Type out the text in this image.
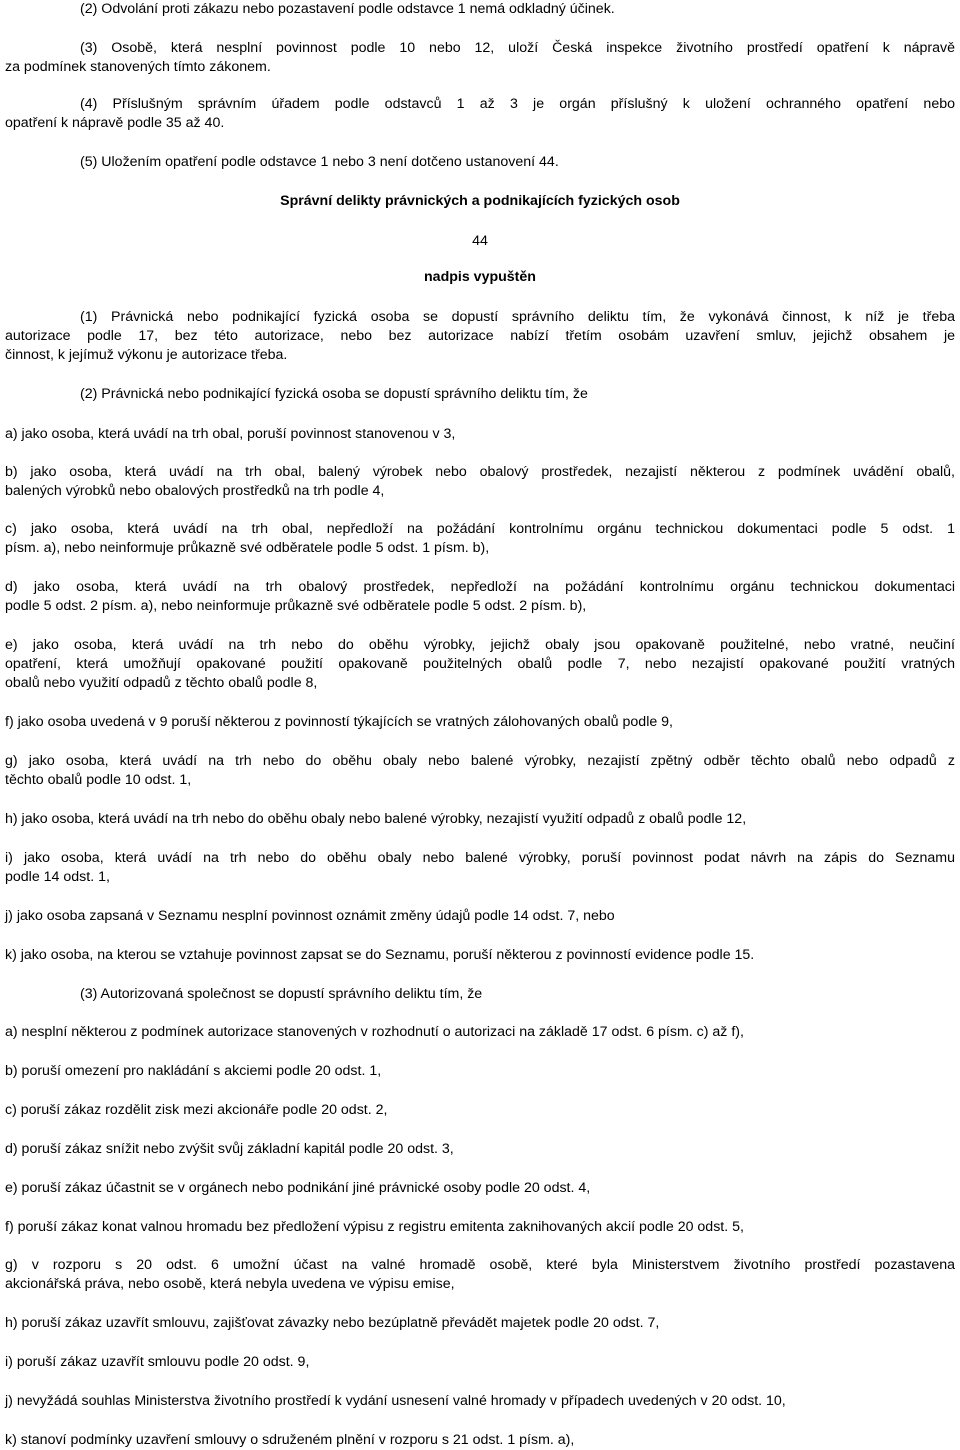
(2) Odvolání proti zákazu nebo pozastavení podle odstavce 1 nemá odkladný účinek.

(3) Osobě, která nesplní povinnost podle 10 nebo 12, uloží Česká inspekce životního prostředí opatření k nápravě

za podmínek stanovených tímto zákonem.

(4) Příslušným správním úřadem podle odstavců 1 až 3 je orgán příslušný k uložení ochranného opatření nebo

opatření k nápravě podle 35 až 40.

(5) Uložením opatření podle odstavce 1 nebo 3 není dotčeno ustanovení 44.

Správní delikty právnických a podnikajících fyzických osob

44

nadpis vypuštěn

(1) Právnická nebo podnikající fyzická osoba se dopustí správního deliktu tím, že vykonává činnost, k níž je třeba

autorizace podle 17, bez této autorizace, nebo bez autorizace nabízí třetím osobám uzavření smluv, jejichž obsahem je

činnost, k jejímuž výkonu je autorizace třeba.

(2) Právnická nebo podnikající fyzická osoba se dopustí správního deliktu tím, že

a) jako osoba, která uvádí na trh obal, poruší povinnost stanovenou v 3,

b) jako osoba, která uvádí na trh obal, balený výrobek nebo obalový prostředek, nezajistí některou z podmínek uvádění obalů,

balených výrobků nebo obalových prostředků na trh podle 4,

c) jako osoba, která uvádí na trh obal, nepředloží na požádání kontrolnímu orgánu technickou dokumentaci podle 5 odst. 1

písm. a), nebo neinformuje průkazně své odběratele podle 5 odst. 1 písm. b),

d) jako osoba, která uvádí na trh obalový prostředek, nepředloží na požádání kontrolnímu orgánu technickou dokumentaci

podle 5 odst. 2 písm. a), nebo neinformuje průkazně své odběratele podle 5 odst. 2 písm. b),

e) jako osoba, která uvádí na trh nebo do oběhu výrobky, jejichž obaly jsou opakovaně použitelné, nebo vratné, neučiní

opatření, která umožňují opakované použití opakovaně použitelných obalů podle 7, nebo nezajistí opakované použití vratných

obalů nebo využití odpadů z těchto obalů podle 8,

f) jako osoba uvedená v 9 poruší některou z povinností týkajících se vratných zálohovaných obalů podle 9,

g) jako osoba, která uvádí na trh nebo do oběhu obaly nebo balené výrobky, nezajistí zpětný odběr těchto obalů nebo odpadů z

těchto obalů podle 10 odst. 1,

h) jako osoba, která uvádí na trh nebo do oběhu obaly nebo balené výrobky, nezajistí využití odpadů z obalů podle 12,

i) jako osoba, která uvádí na trh nebo do oběhu obaly nebo balené výrobky, poruší povinnost podat návrh na zápis do Seznamu

podle 14 odst. 1,

j) jako osoba zapsaná v Seznamu nesplní povinnost oznámit změny údajů podle 14 odst. 7, nebo

k) jako osoba, na kterou se vztahuje povinnost zapsat se do Seznamu, poruší některou z povinností evidence podle 15.

(3) Autorizovaná společnost se dopustí správního deliktu tím, že

a) nesplní některou z podmínek autorizace stanovených v rozhodnutí o autorizaci na základě 17 odst. 6 písm. c) až f),

b) poruší omezení pro nakládání s akciemi podle 20 odst. 1,

c) poruší zákaz rozdělit zisk mezi akcionáře podle 20 odst. 2,

d) poruší zákaz snížit nebo zvýšit svůj základní kapitál podle 20 odst. 3,

e) poruší zákaz účastnit se v orgánech nebo podnikání jiné právnické osoby podle 20 odst. 4,

f) poruší zákaz konat valnou hromadu bez předložení výpisu z registru emitenta zaknihovaných akcií podle 20 odst. 5,

g) v rozporu s 20 odst. 6 umožní účast na valné hromadě osobě, které byla Ministerstvem životního prostředí pozastavena

akcionářská práva, nebo osobě, která nebyla uvedena ve výpisu emise,

h) poruší zákaz uzavřít smlouvu, zajišťovat závazky nebo bezúplatně převádět majetek podle 20 odst. 7,

i) poruší zákaz uzavřít smlouvu podle 20 odst. 9,

j) nevyžádá souhlas Ministerstva životního prostředí k vydání usnesení valné hromady v případech uvedených v 20 odst. 10,

k) stanoví podmínky uzavření smlouvy o sdruženém plnění v rozporu s 21 odst. 1 písm. a),
